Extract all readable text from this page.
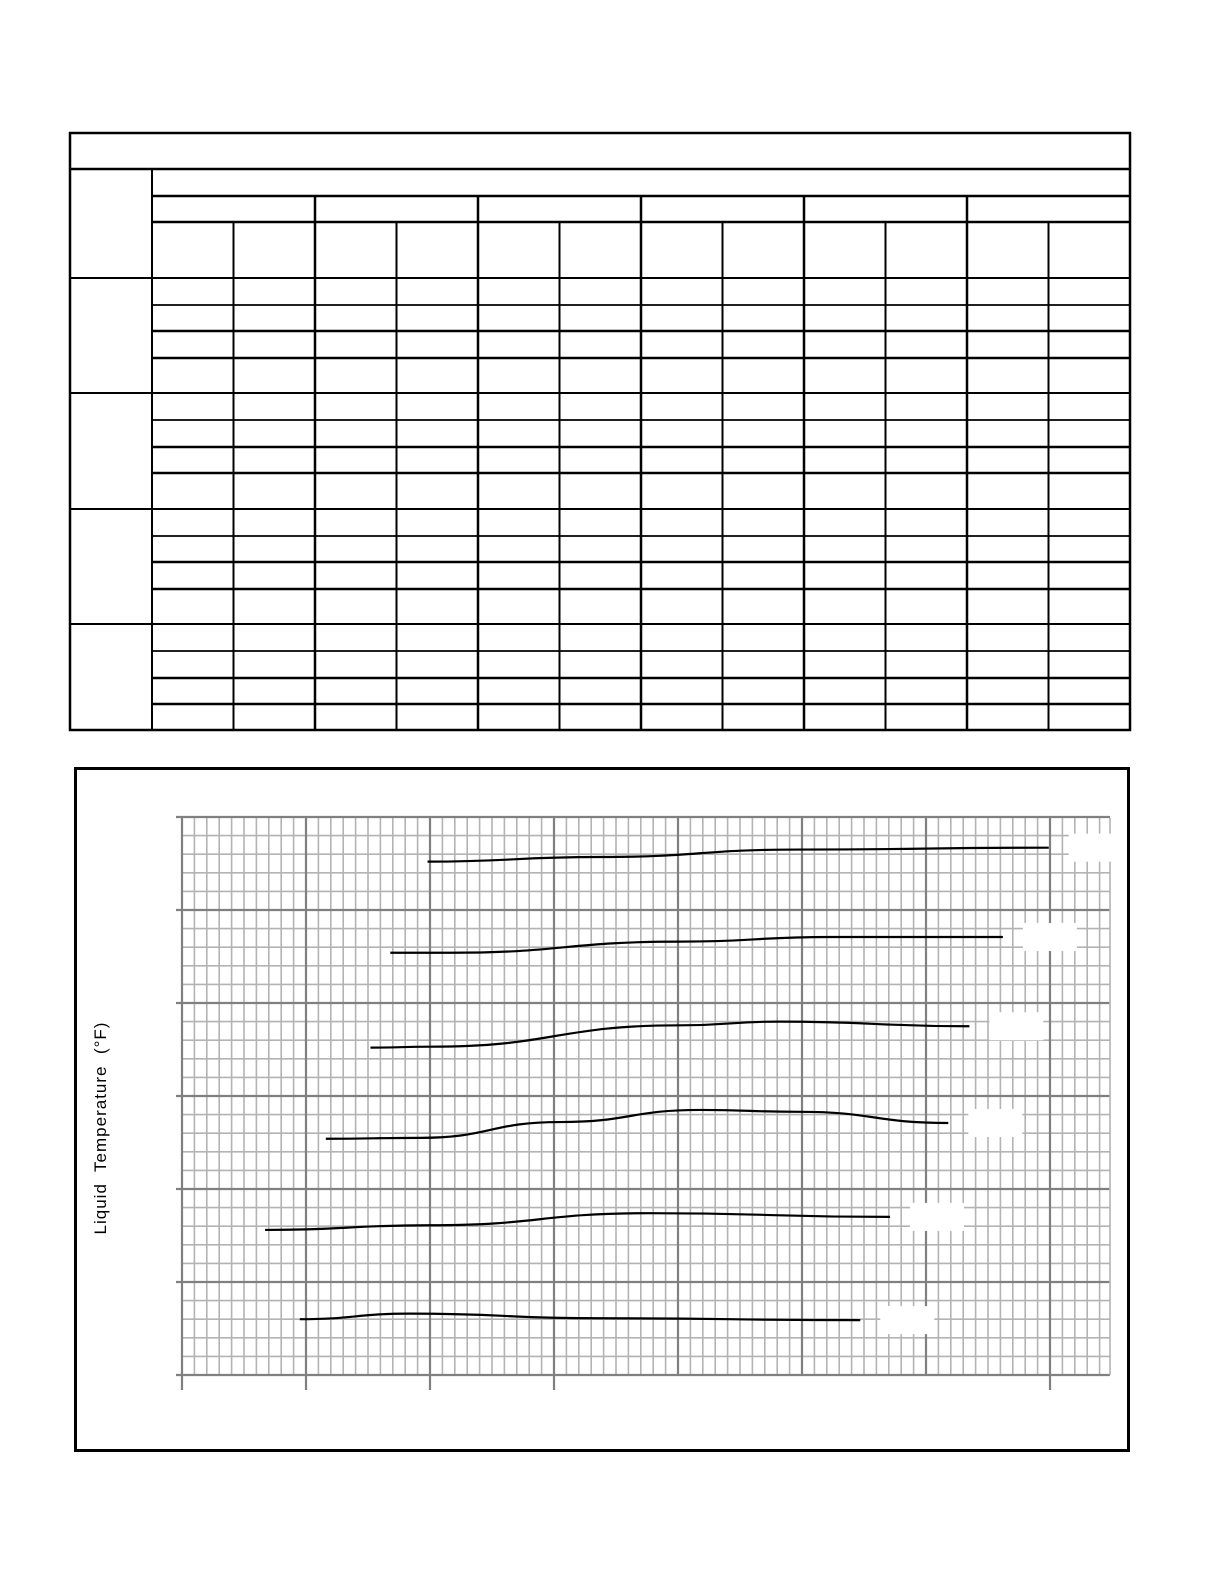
Liquid  Temperature  (°F)
